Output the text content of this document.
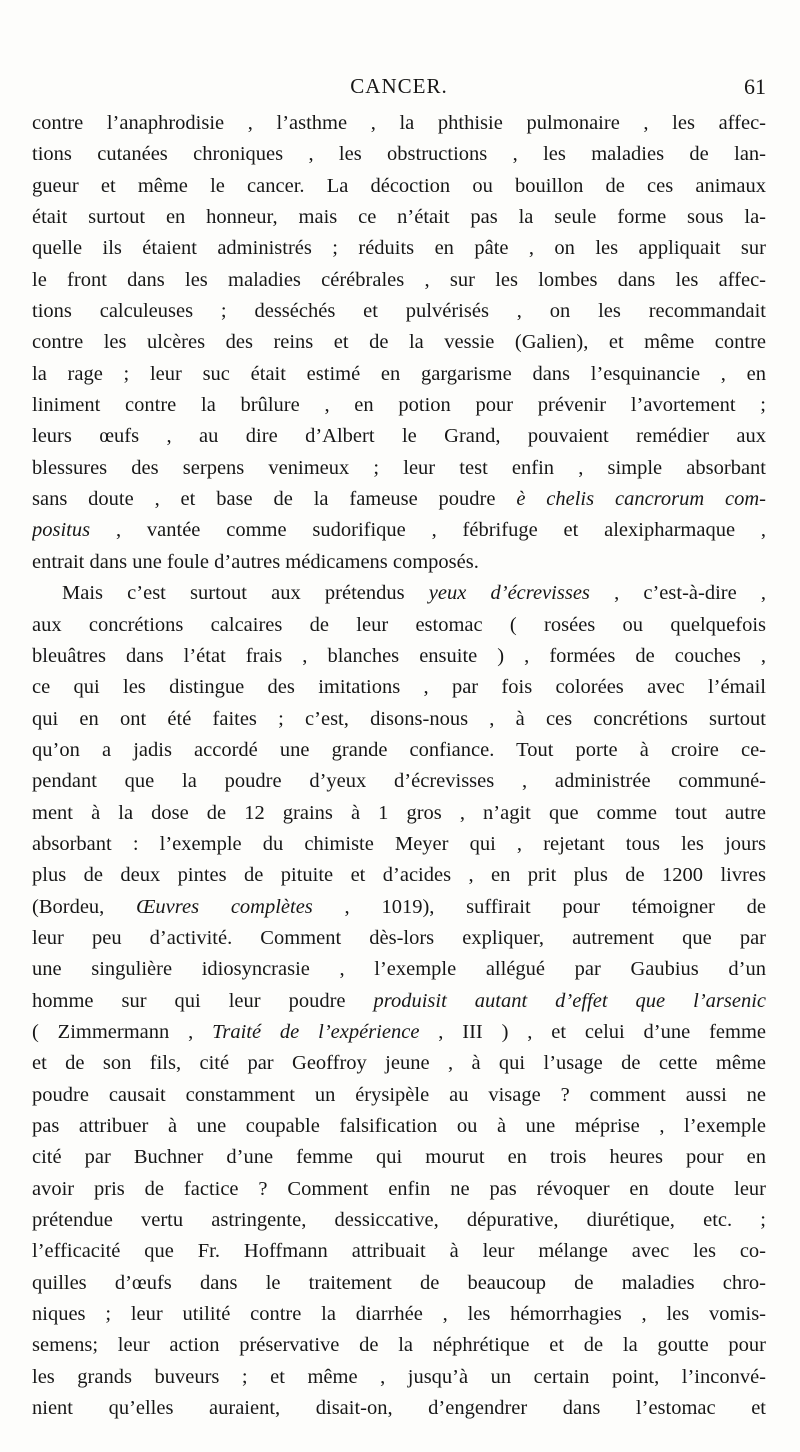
CANCER.	61
contre l’anaphrodisie , l’asthme , la phthisie pulmonaire , les affec-
tions cutanées chroniques , les obstructions , les maladies de lan-
gueur et même le cancer. La décoction ou bouillon de ces animaux
était surtout en honneur, mais ce n’était pas la seule forme sous la-
quelle ils étaient administrés ; réduits en pâte , on les appliquait sur
le front dans les maladies cérébrales , sur les lombes dans les affec-
tions calculeuses ; desséchés et pulvérisés , on les recommandait
contre les ulcères des reins et de la vessie (Galien), et même contre
la rage ; leur suc était estimé en gargarisme dans l’esquinancie , en
liniment contre la brûlure , en potion pour prévenir l’avortement ;
leurs œufs , au dire d’Albert le Grand, pouvaient remédier aux
blessures des serpens venimeux ; leur test enfin , simple absorbant
sans doute , et base de la fameuse poudre è chelis cancrorum com-
positus , vantée comme sudorifique , fébrifuge et alexipharmaque ,
entrait dans une foule d’autres médicamens composés.
Mais c’est surtout aux prétendus yeux d’écrevisses , c’est-à-dire ,
aux concrétions calcaires de leur estomac ( rosées ou quelquefois
bleuâtres dans l’état frais , blanches ensuite ) , formées de couches ,
ce qui les distingue des imitations , par fois colorées avec l’émail
qui en ont été faites ; c’est, disons-nous , à ces concrétions surtout
qu’on a jadis accordé une grande confiance. Tout porte à croire ce-
pendant que la poudre d’yeux d’écrevisses , administrée communé-
ment à la dose de 12 grains à 1 gros , n’agit que comme tout autre
absorbant : l’exemple du chimiste Meyer qui , rejetant tous les jours
plus de deux pintes de pituite et d’acides , en prit plus de 1200 livres
(Bordeu, Œuvres complètes , 1019), suffirait pour témoigner de
leur peu d’activité. Comment dès-lors expliquer, autrement que par
une singulière idiosyncrasie , l’exemple allégué par Gaubius d’un
homme sur qui leur poudre produisit autant d’effet que l’arsenic
( Zimmermann , Traité de l’expérience , III ) , et celui d’une femme
et de son fils, cité par Geoffroy jeune , à qui l’usage de cette même
poudre causait constamment un érysipèle au visage ? comment aussi ne
pas attribuer à une coupable falsification ou à une méprise , l’exemple
cité par Buchner d’une femme qui mourut en trois heures pour en
avoir pris de factice ? Comment enfin ne pas révoquer en doute leur
prétendue vertu astringente, dessiccative, dépurative, diurétique, etc. ;
l’efficacité que Fr. Hoffmann attribuait à leur mélange avec les co-
quilles d’œufs dans le traitement de beaucoup de maladies chro-
niques ; leur utilité contre la diarrhée , les hémorrhagies , les vomis-
semens; leur action préservative de la néphrétique et de la goutte pour
les grands buveurs ; et même , jusqu’à un certain point, l’inconvé-
nient qu’elles auraient, disait-on, d’engendrer dans l’estomac et
